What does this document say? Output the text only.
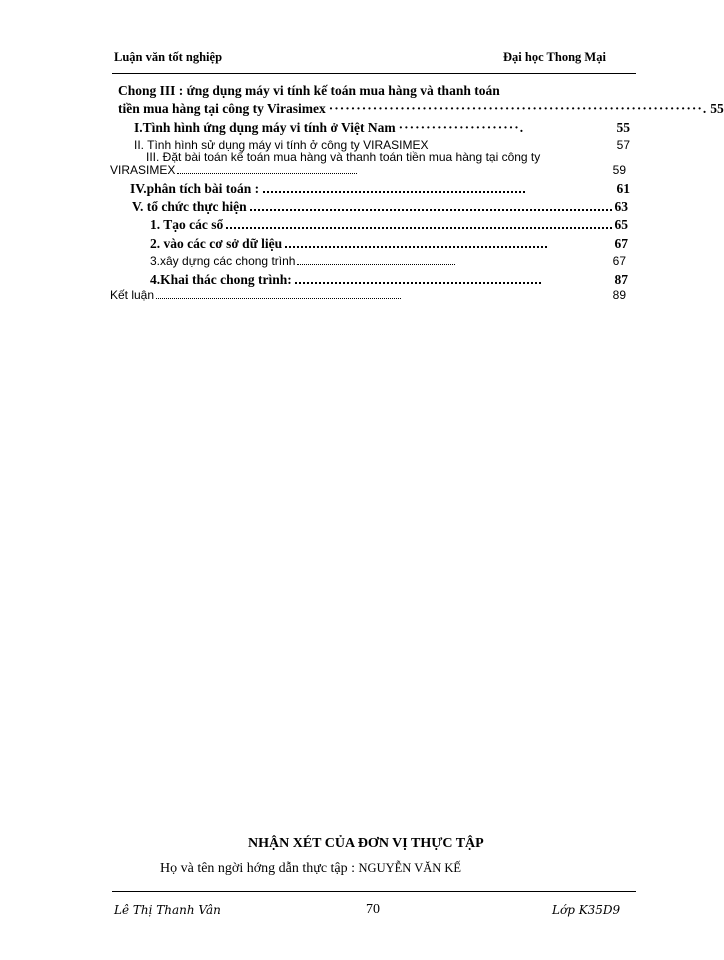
Luận văn tốt nghiệp	Đại học Thong Mại
Chong III : ứng dụng máy vi tính kế toán mua hàng và thanh toán
tiền mua hàng tại công ty Virasimex ····································································. 55
I.Tình hình ứng dụng máy vi tính ở Việt Nam ······················.	55
II. Tình hình sử dụng máy vi tính ở công ty VIRASIMEX	57
III. Đặt bài toán kế toán mua hàng và thanh toán tiền mua hàng tại công ty
VIRASIMEX	59
IV.phân tích bài toán :	61
V. tổ chức thực hiện	63
1. Tạo các sổ	65
2. vào các cơ sở dữ liệu	67
3.xây dựng các chong trình	67
4.Khai thác chong trình:	87
Kết luận	89
NHẬN XÉT CỦA ĐƠN VỊ THỰC TẬP
Họ và tên ngời hớng dẫn thực tập : NGUYỄN VĂN KẾ
Lê Thị Thanh Vân	70	Lớp K35D9
